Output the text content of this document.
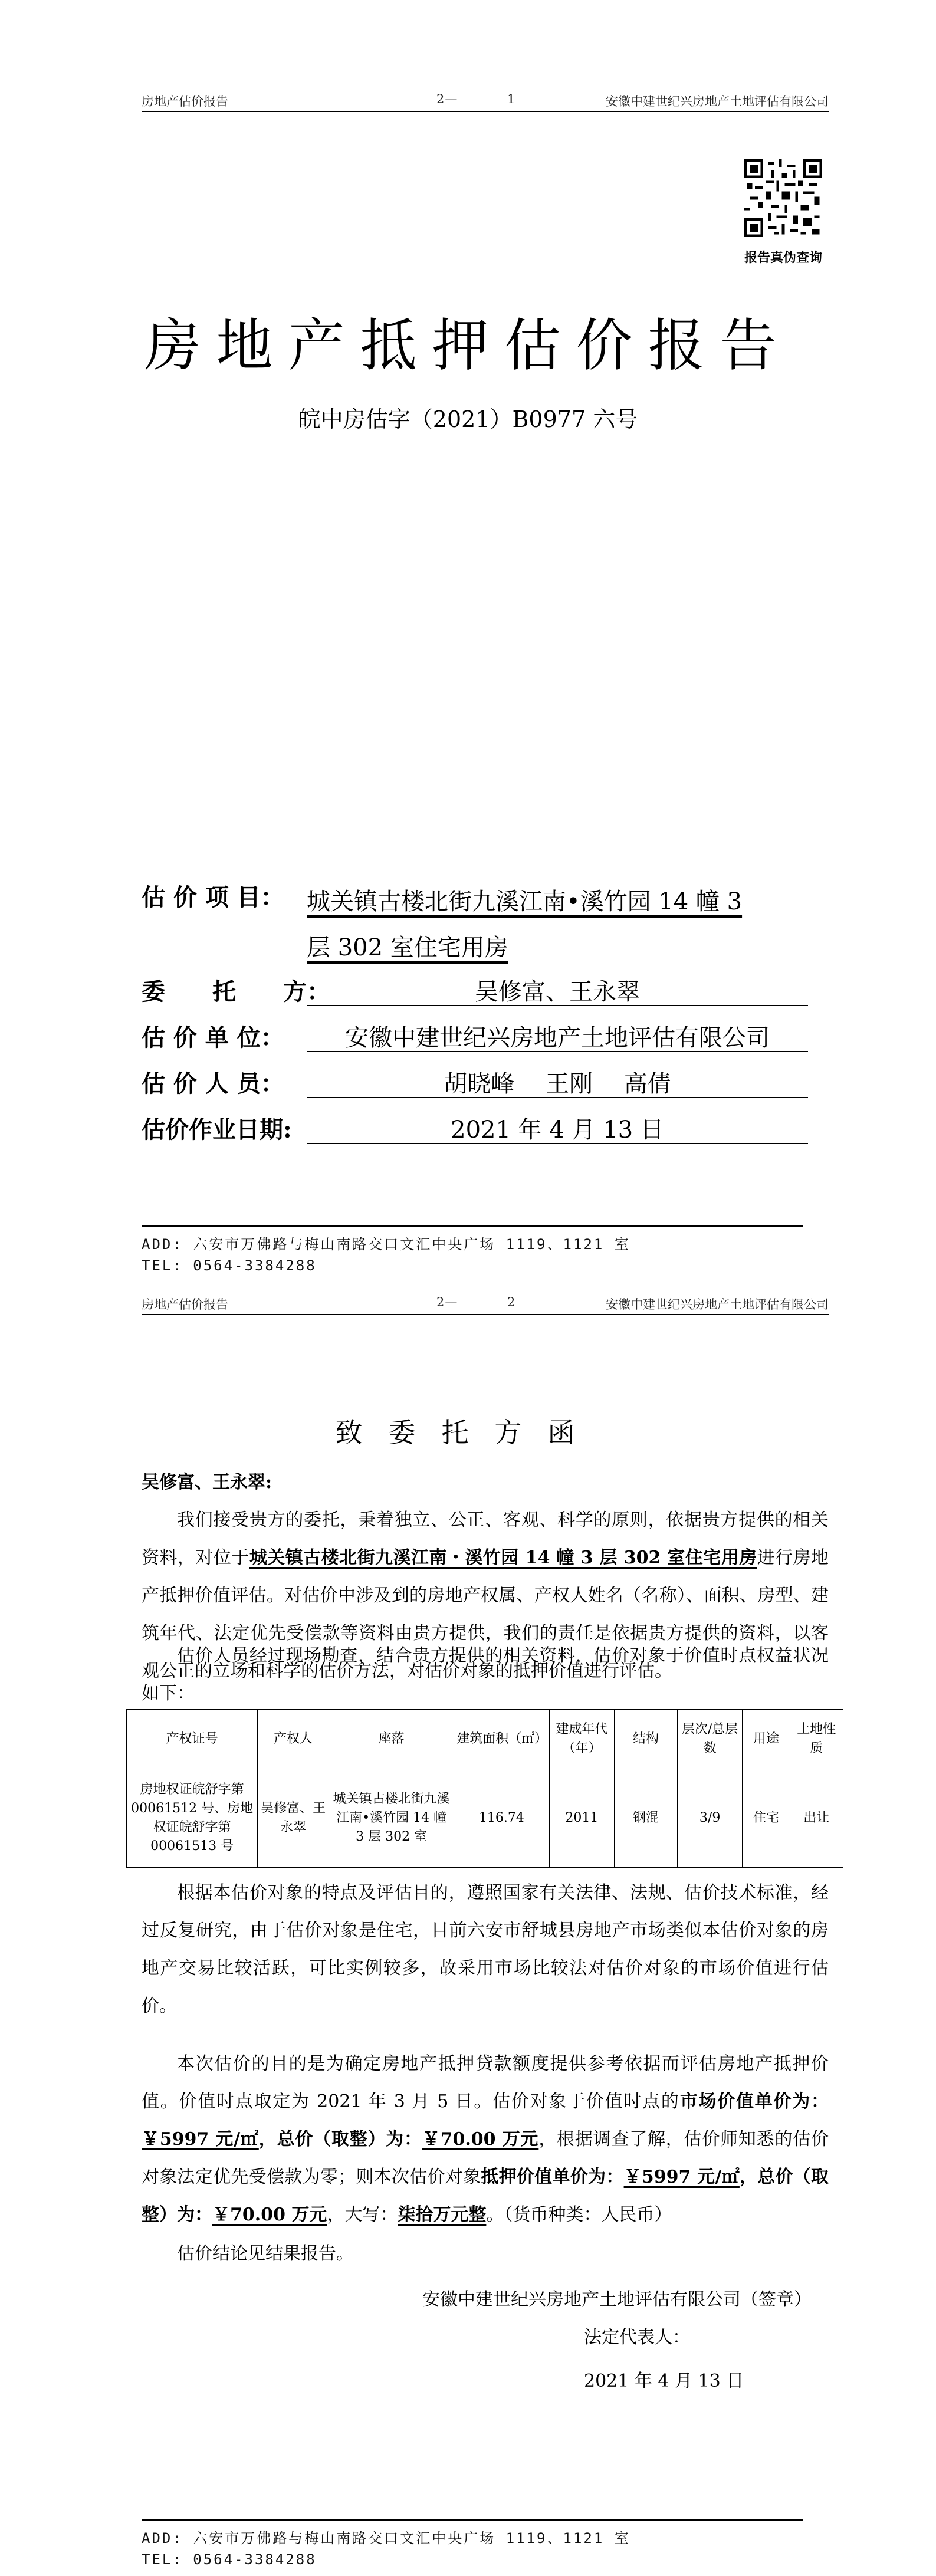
房地产估价报告	2—	1	安徽中建世纪兴房地产土地评估有限公司
报告真伪查询
房地产抵押估价报告
皖中房估字（2021）B0977 六号
估 价 项 目： 城关镇古楼北街九溪江南•溪竹园 14 幢 3
层 302 室住宅用房
委　　托　　方：	吴修富、王永翠
估 价 单 位：	安徽中建世纪兴房地产土地评估有限公司
估 价 人 员：	胡晓峰　 王刚　 高倩
估价作业日期:	2021 年 4 月 13 日
ADD: 六安市万佛路与梅山南路交口文汇中央广场 1119、1121 室
TEL: 0564-3384288
房地产估价报告	2—	2	安徽中建世纪兴房地产土地评估有限公司
致委托方函
吴修富、王永翠:
我们接受贵方的委托，秉着独立、公正、客观、科学的原则，依据贵方提供的相关资料，对位于城关镇古楼北街九溪江南・溪竹园 14 幢 3 层 302 室住宅用房进行房地产抵押价值评估。对估价中涉及到的房地产权属、产权人姓名（名称）、面积、房型、建筑年代、法定优先受偿款等资料由贵方提供，我们的责任是依据贵方提供的资料，以客观公正的立场和科学的估价方法，对估价对象的抵押价值进行评估。
估价人员经过现场勘查，结合贵方提供的相关资料，估价对象于价值时点权益状况如下：
产权证号	产权人	座落	建筑面积（㎡）	建成年代（年）	结构	层次/总层数	用途	土地性质
房地权证皖舒字第 00061512 号、房地权证皖舒字第 00061513 号	吴修富、王永翠	城关镇古楼北街九溪江南•溪竹园 14 幢 3 层 302 室	116.74	2011	钢混	3/9	住宅	出让
根据本估价对象的特点及评估目的，遵照国家有关法律、法规、估价技术标准，经过反复研究，由于估价对象是住宅，目前六安市舒城县房地产市场类似本估价对象的房地产交易比较活跃，可比实例较多，故采用市场比较法对估价对象的市场价值进行估价。
本次估价的目的是为确定房地产抵押贷款额度提供参考依据而评估房地产抵押价值。价值时点取定为 2021 年 3 月 5 日。估价对象于价值时点的市场价值单价为：￥5997 元/㎡，总价（取整）为：￥70.00 万元，根据调查了解，估价师知悉的估价对象法定优先受偿款为零；则本次估价对象抵押价值单价为：￥5997 元/㎡，总价（取整）为：￥70.00 万元，大写：柒拾万元整。（货币种类：人民币）
估价结论见结果报告。
安徽中建世纪兴房地产土地评估有限公司（签章）
法定代表人：
2021 年 4 月 13 日
ADD: 六安市万佛路与梅山南路交口文汇中央广场 1119、1121 室
TEL: 0564-3384288
